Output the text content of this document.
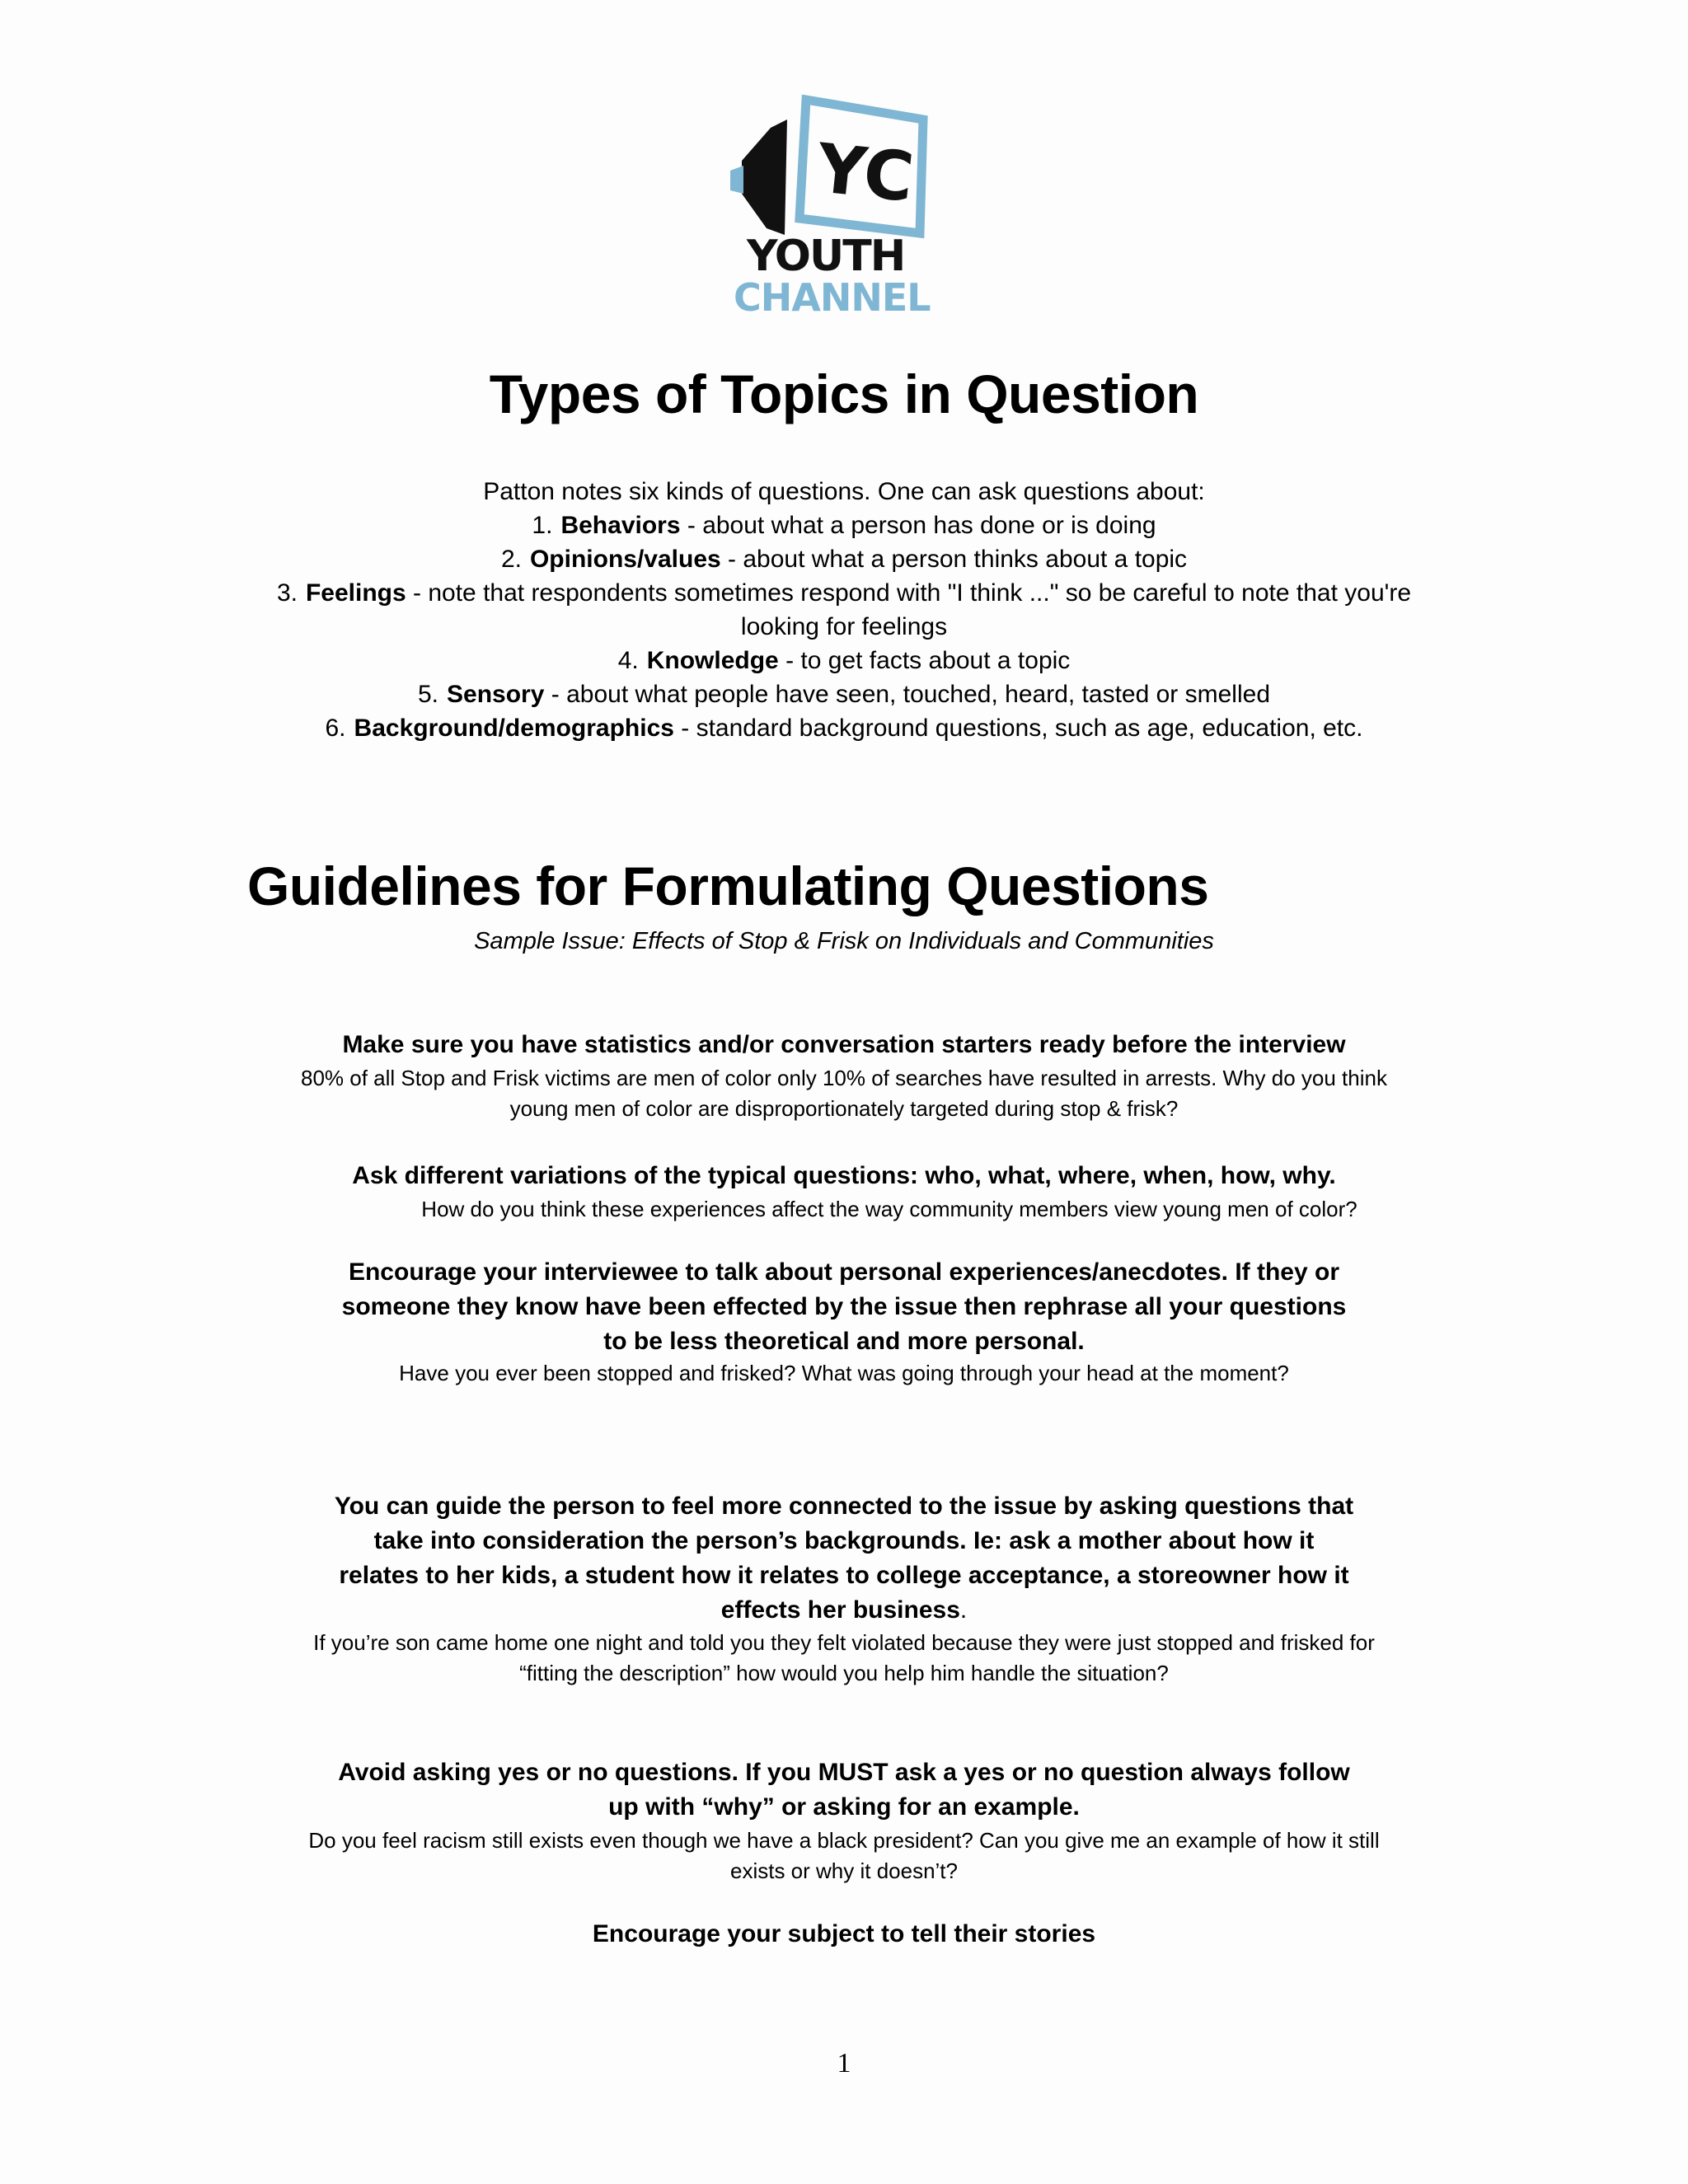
YC
YOUTH
CHANNEL
Types of Topics in Question
Patton notes six kinds of questions. One can ask questions about:
1. Behaviors - about what a person has done or is doing
2. Opinions/values - about what a person thinks about a topic
3. Feelings - note that respondents sometimes respond with "I think ..." so be careful to note that you're
looking for feelings
4. Knowledge - to get facts about a topic
5. Sensory - about what people have seen, touched, heard, tasted or smelled
6. Background/demographics - standard background questions, such as age, education, etc.
Guidelines for Formulating Questions
Sample Issue: Effects of Stop & Frisk on Individuals and Communities
Make sure you have statistics and/or conversation starters ready before the interview
80% of all Stop and Frisk victims are men of color only 10% of searches have resulted in arrests. Why do you think
young men of color are disproportionately targeted during stop & frisk?
Ask different variations of the typical questions: who, what, where, when, how, why.
How do you think these experiences affect the way community members view young men of color?
Encourage your interviewee to talk about personal experiences/anecdotes. If they or
someone they know have been effected by the issue then rephrase all your questions
to be less theoretical and more personal.
Have you ever been stopped and frisked? What was going through your head at the moment?
You can guide the person to feel more connected to the issue by asking questions that
take into consideration the person’s backgrounds. Ie: ask a mother about how it
relates to her kids, a student how it relates to college acceptance, a storeowner how it
effects her business.
If you’re son came home one night and told you they felt violated because they were just stopped and frisked for
“fitting the description” how would you help him handle the situation?
Avoid asking yes or no questions. If you MUST ask a yes or no question always follow
up with “why” or asking for an example.
Do you feel racism still exists even though we have a black president? Can you give me an example of how it still
exists or why it doesn’t?
Encourage your subject to tell their stories
1
